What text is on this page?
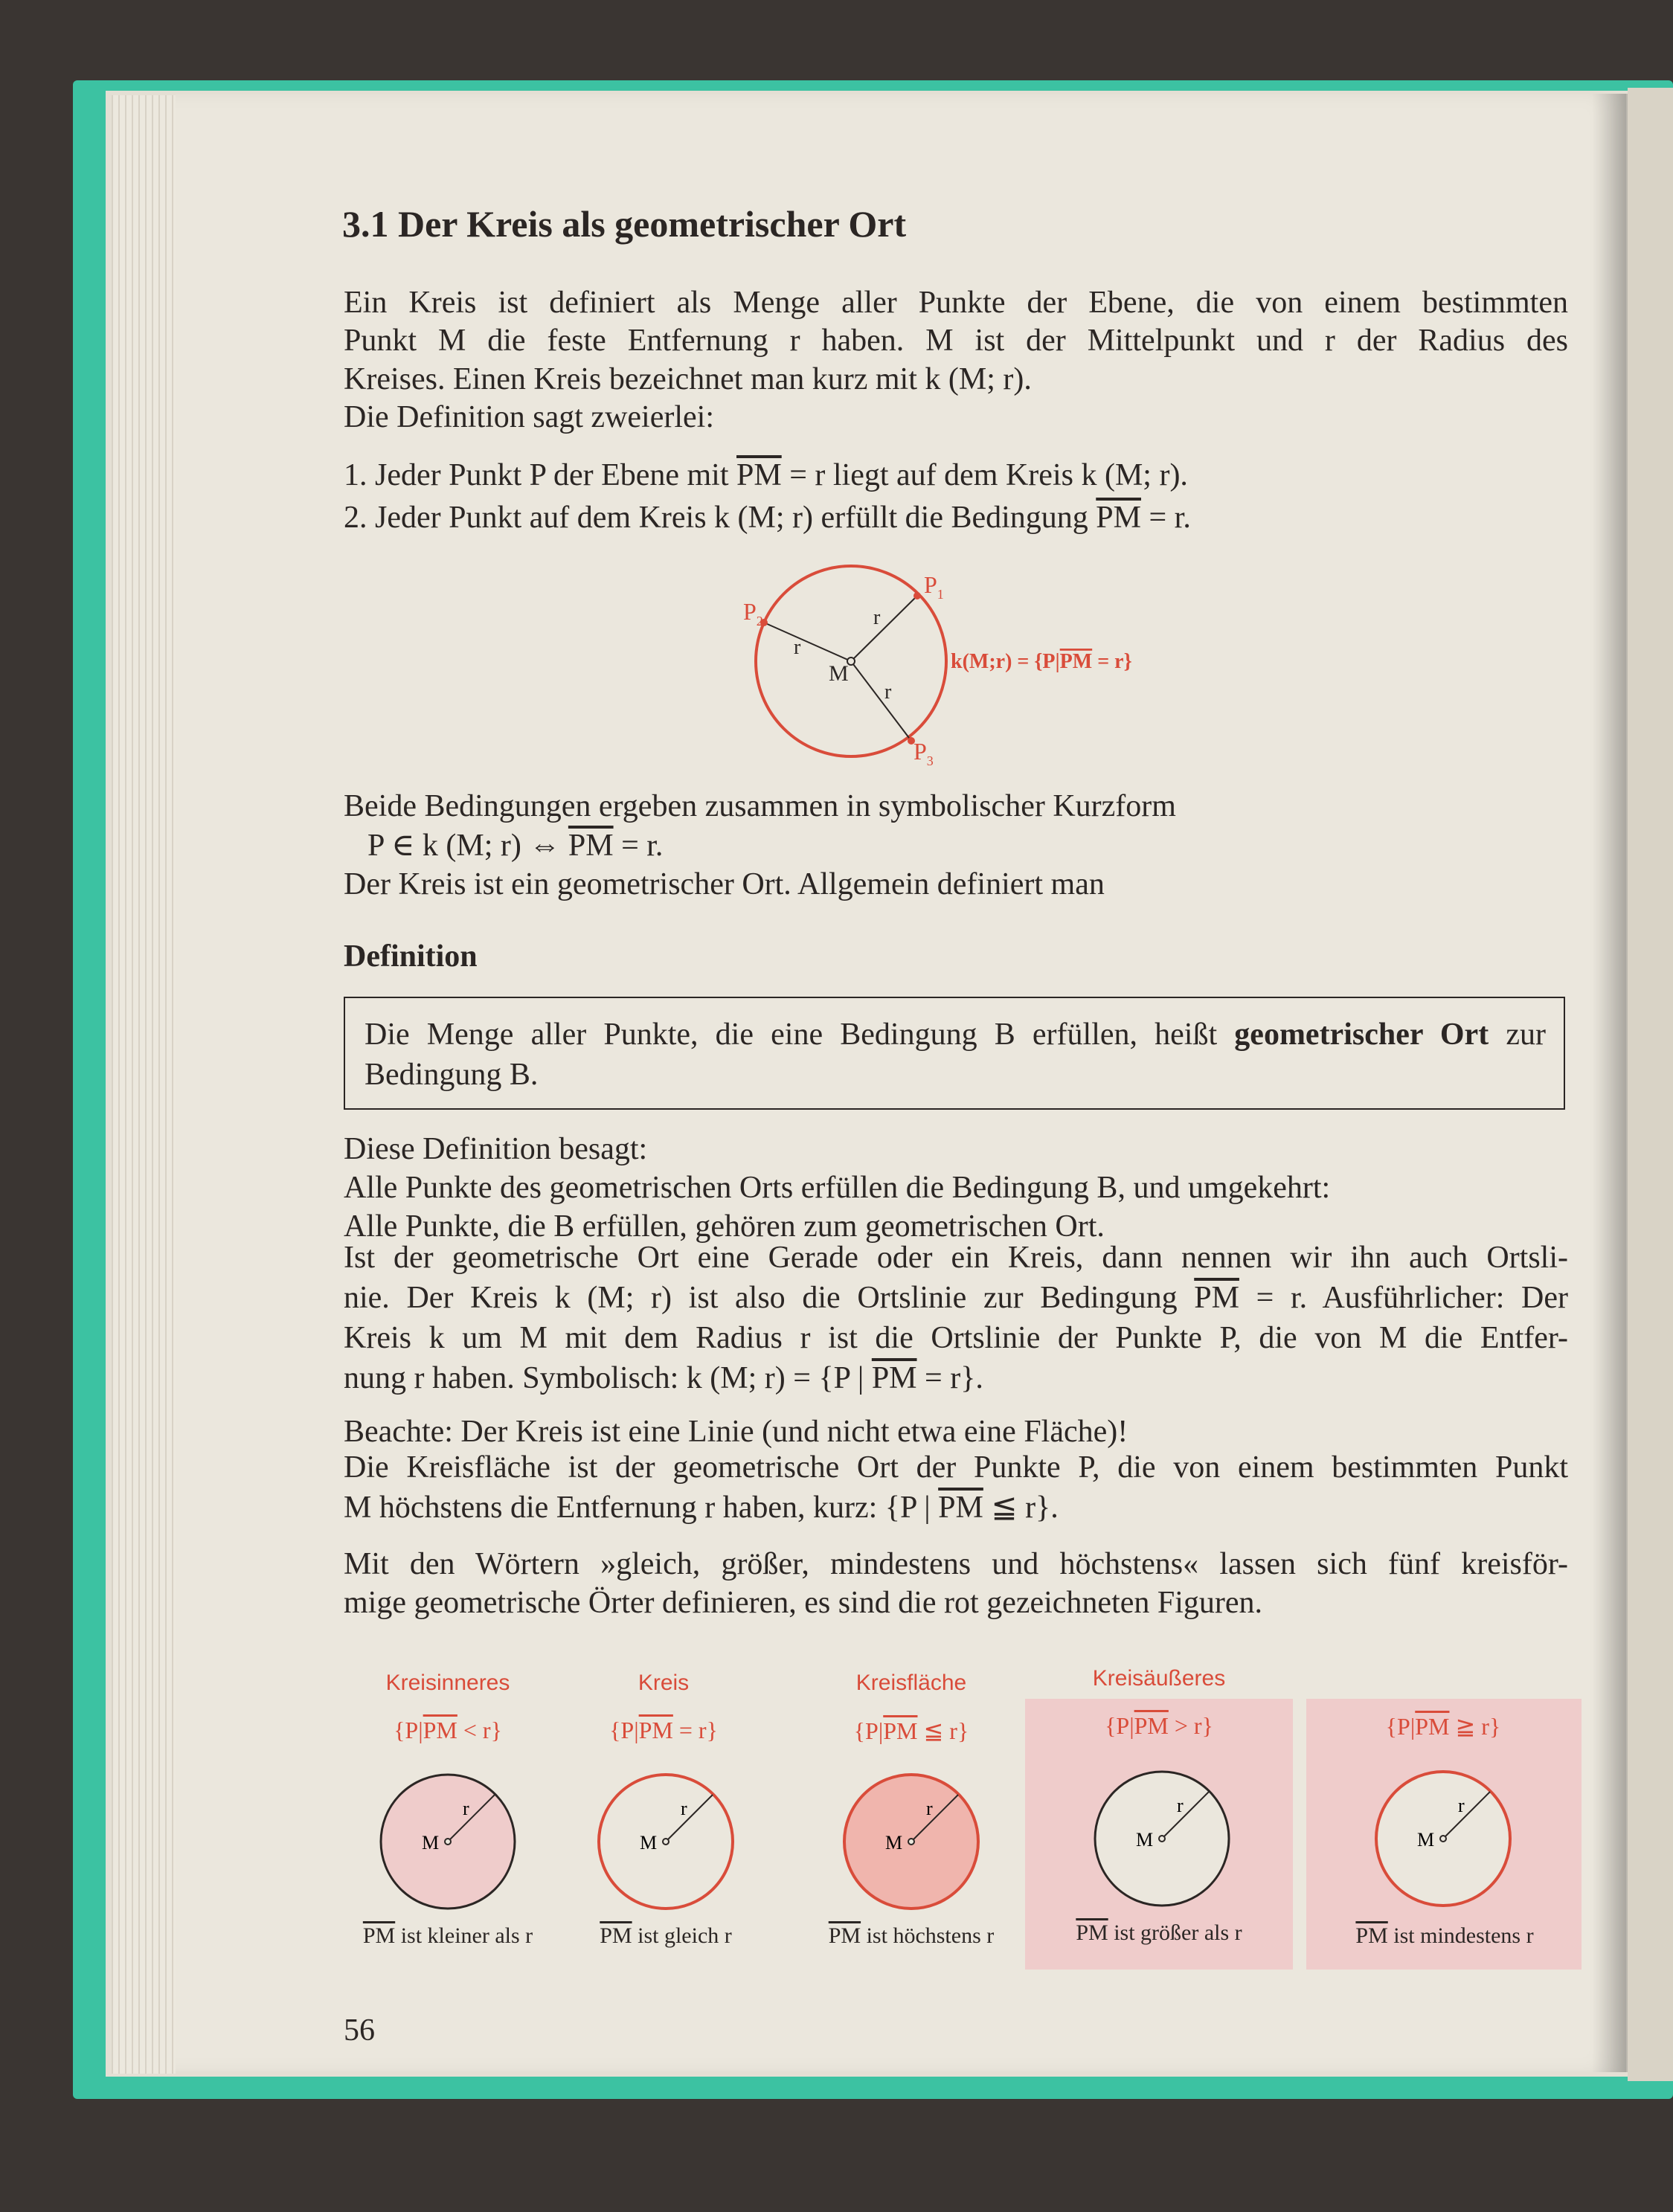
3.1 Der Kreis als geometrischer Ort
Ein Kreis ist definiert als Menge aller Punkte der Ebene, die von einem bestimmten
Punkt M die feste Entfernung r haben. M ist der Mittelpunkt und r der Radius des
Kreises. Einen Kreis bezeichnet man kurz mit k (M; r).
Die Definition sagt zweierlei:
1. Jeder Punkt P der Ebene mit $\overline{PM} = r$ liegt auf dem Kreis k (M; r).
2. Jeder Punkt auf dem Kreis k (M; r) erfüllt die Bedingung $\overline{PM} = r$.
$P_1$
$P_2$
$P_3$
M
r
r
r
k(M;r) = {P|PM = r}
Beide Bedingungen ergeben zusammen in symbolischer Kurzform
P ∈ k (M; r) ⇔ $\overline{PM} = r$.
Der Kreis ist ein geometrischer Ort. Allgemein definiert man
Definition
Die Menge aller Punkte, die eine Bedingung B erfüllen, heißt geometrischer Ort zur
Bedingung B.
Diese Definition besagt:
Alle Punkte des geometrischen Orts erfüllen die Bedingung B, und umgekehrt:
Alle Punkte, die B erfüllen, gehören zum geometrischen Ort.
Ist der geometrische Ort eine Gerade oder ein Kreis, dann nennen wir ihn auch Ortsli-
nie. Der Kreis k (M; r) ist also die Ortslinie zur Bedingung $\overline{PM} = r$. Ausführlicher: Der
Kreis k um M mit dem Radius r ist die Ortslinie der Punkte P, die von M die Entfer-
nung r haben. Symbolisch: k (M; r) = {P | $\overline{PM} = r$}.
Beachte: Der Kreis ist eine Linie (und nicht etwa eine Fläche)!
Die Kreisfläche ist der geometrische Ort der Punkte P, die von einem bestimmten Punkt
M höchstens die Entfernung r haben, kurz: {P | $\overline{PM}$ ≦ r}.
Mit den Wörtern »gleich, größer, mindestens und höchstens« lassen sich fünf kreisför-
mige geometrische Örter definieren, es sind die rot gezeichneten Figuren.
Kreisinneres
$\{P|\overline{PM} < r\}$
M
r
$\overline{PM}$ ist kleiner als r
Kreis
$\{P|\overline{PM} = r\}$
M
r
$\overline{PM}$ ist gleich r
Kreisfläche
{$P|\overline{PM}$ ≦ r}
M
r
$\overline{PM}$ ist höchstens r
Kreisäußeres
$\{P|\overline{PM} > r\}$
M
r
$\overline{PM}$ ist größer als r
{$P|\overline{PM}$ ≧ r}
M
r
$\overline{PM}$ ist mindestens r
56
